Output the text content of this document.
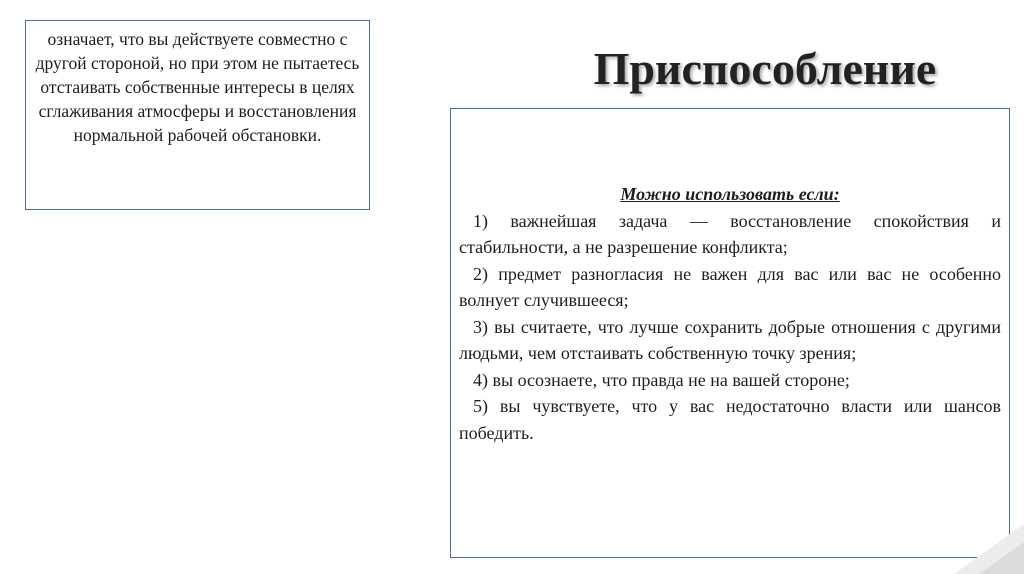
означает, что вы действуете совместно с другой стороной, но при этом не пытаетесь отстаивать собственные интересы в целях сглаживания атмосферы и восстановления нормальной рабочей обстановки.
Приспособление

Можно использовать если:

1) важнейшая задача — восстановление спокойствия и стабильности, а не разрешение конфликта;

2) предмет разногласия не важен для вас или вас не особенно волнует случившееся;

3) вы считаете, что лучше сохранить добрые отношения с другими людьми, чем отстаивать собственную точку зрения;

4) вы осознаете, что правда не на вашей стороне;

5) вы чувствуете, что у вас недостаточно власти или шансов победить.
